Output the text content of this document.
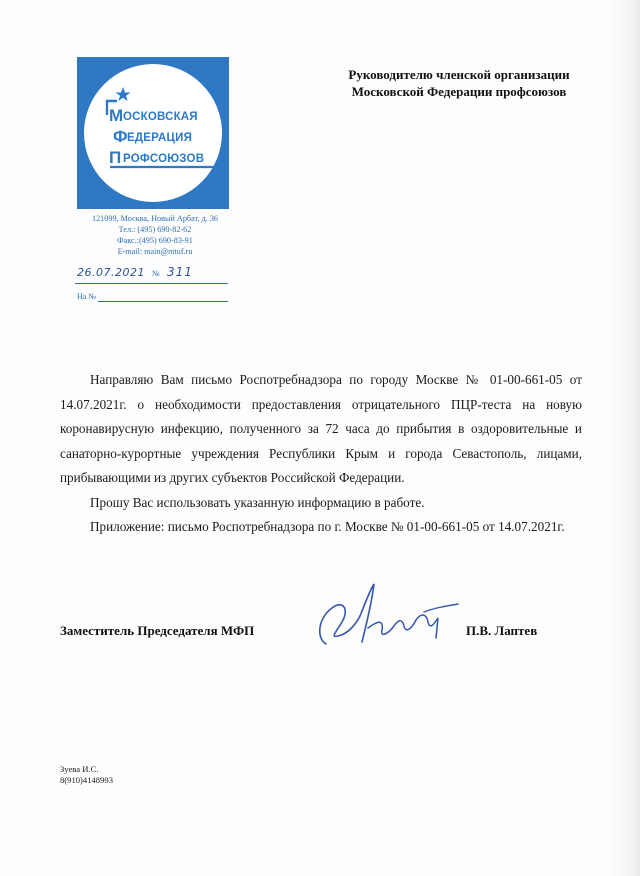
М ОСКОВСКАЯ
Ф ЕДЕРАЦИЯ
П РОФСОЮЗОВ
121099, Москва, Новый Арбат, д. 36
Тел.: (495) 690-82-62
Факс.:(495) 690-83-91
E-mail: main@mtuf.ru
26.07.2021 № 311
На №
Руководителю членской организации
Московской Федерации профсоюзов

Направляю Вам письмо Роспотребнадзора по городу Москве № 01-00-661-05 от 14.07.2021г. о необходимости предоставления отрицательного ПЦР-теста на новую коронавирусную инфекцию, полученного за 72 часа до прибытия в оздоровительные и санаторно-курортные учреждения Республики Крым и города Севастополь, лицами, прибывающими из других субъектов Российской Федерации.

Прошу Вас использовать указанную информацию в работе.

Приложение: письмо Роспотребнадзора по г. Москве № 01-00-661-05 от 14.07.2021г.

Заместитель Председателя МФП	П.В. Лаптев
Зуева И.С.
8(910)4148993
